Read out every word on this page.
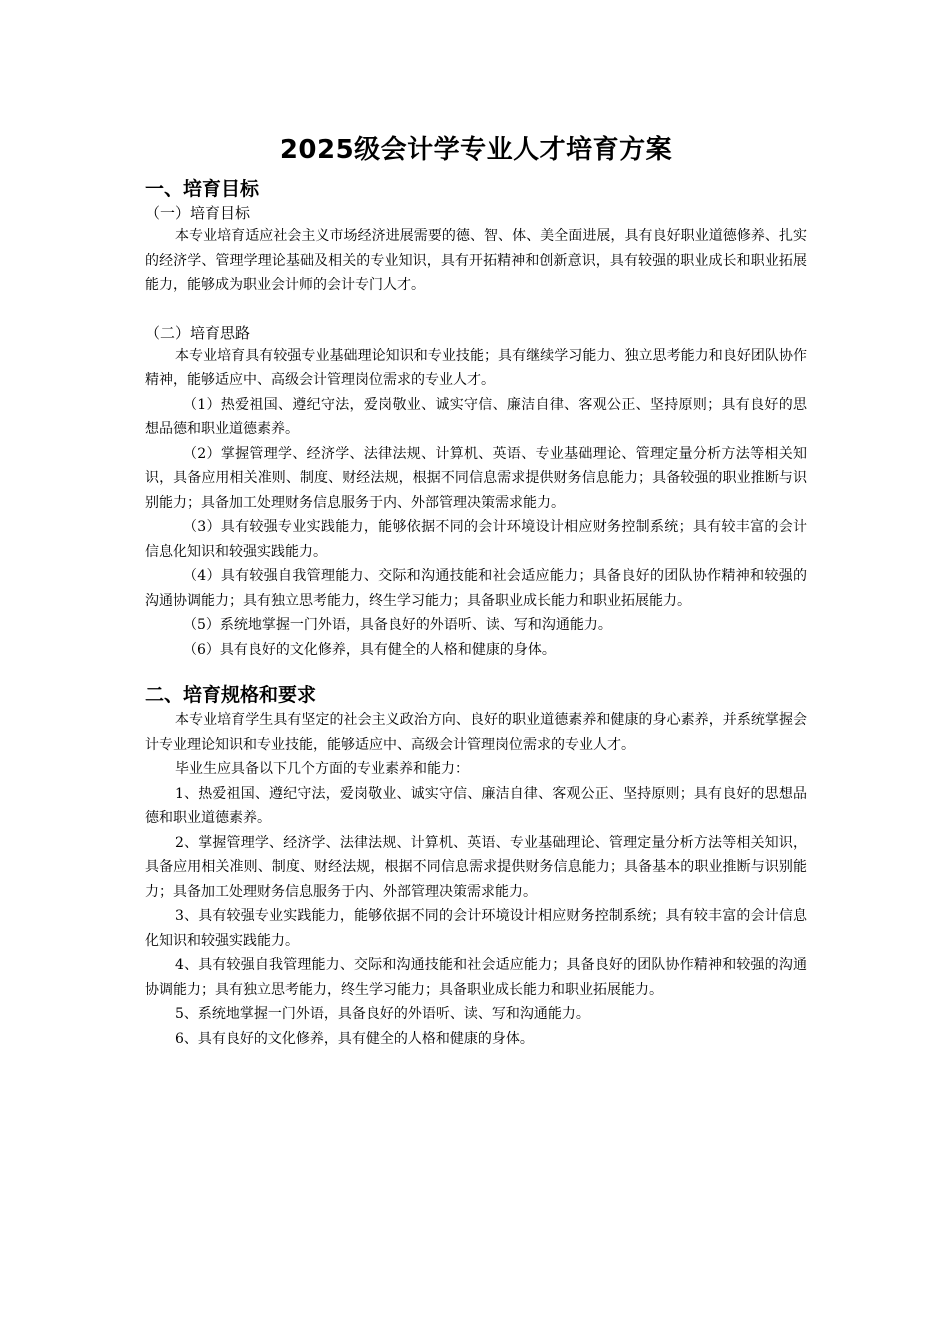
2025级会计学专业人才培育方案
一、培育目标
（一）培育目标

本专业培育适应社会主义市场经济进展需要的德、智、体、美全面进展，具有良好职业道德修养、扎实的经济学、管理学理论基础及相关的专业知识，具有开拓精神和创新意识，具有较强的职业成长和职业拓展能力，能够成为职业会计师的会计专门人才。

（二）培育思路

本专业培育具有较强专业基础理论知识和专业技能；具有继续学习能力、独立思考能力和良好团队协作精神，能够适应中、高级会计管理岗位需求的专业人才。

（1）热爱祖国、遵纪守法，爱岗敬业、诚实守信、廉洁自律、客观公正、坚持原则；具有良好的思想品德和职业道德素养。

（2）掌握管理学、经济学、法律法规、计算机、英语、专业基础理论、管理定量分析方法等相关知识，具备应用相关准则、制度、财经法规，根据不同信息需求提供财务信息能力；具备较强的职业推断与识别能力；具备加工处理财务信息服务于内、外部管理决策需求能力。

（3）具有较强专业实践能力，能够依据不同的会计环境设计相应财务控制系统；具有较丰富的会计信息化知识和较强实践能力。

（4）具有较强自我管理能力、交际和沟通技能和社会适应能力；具备良好的团队协作精神和较强的沟通协调能力；具有独立思考能力，终生学习能力；具备职业成长能力和职业拓展能力。

（5）系统地掌握一门外语，具备良好的外语听、读、写和沟通能力。

（6）具有良好的文化修养，具有健全的人格和健康的身体。

二、培育规格和要求

本专业培育学生具有坚定的社会主义政治方向、良好的职业道德素养和健康的身心素养，并系统掌握会计专业理论知识和专业技能，能够适应中、高级会计管理岗位需求的专业人才。

毕业生应具备以下几个方面的专业素养和能力：

1、热爱祖国、遵纪守法，爱岗敬业、诚实守信、廉洁自律、客观公正、坚持原则；具有良好的思想品德和职业道德素养。

2、掌握管理学、经济学、法律法规、计算机、英语、专业基础理论、管理定量分析方法等相关知识，具备应用相关准则、制度、财经法规，根据不同信息需求提供财务信息能力；具备基本的职业推断与识别能力；具备加工处理财务信息服务于内、外部管理决策需求能力。

3、具有较强专业实践能力，能够依据不同的会计环境设计相应财务控制系统；具有较丰富的会计信息化知识和较强实践能力。

4、具有较强自我管理能力、交际和沟通技能和社会适应能力；具备良好的团队协作精神和较强的沟通协调能力；具有独立思考能力，终生学习能力；具备职业成长能力和职业拓展能力。

5、系统地掌握一门外语，具备良好的外语听、读、写和沟通能力。

6、具有良好的文化修养，具有健全的人格和健康的身体。
